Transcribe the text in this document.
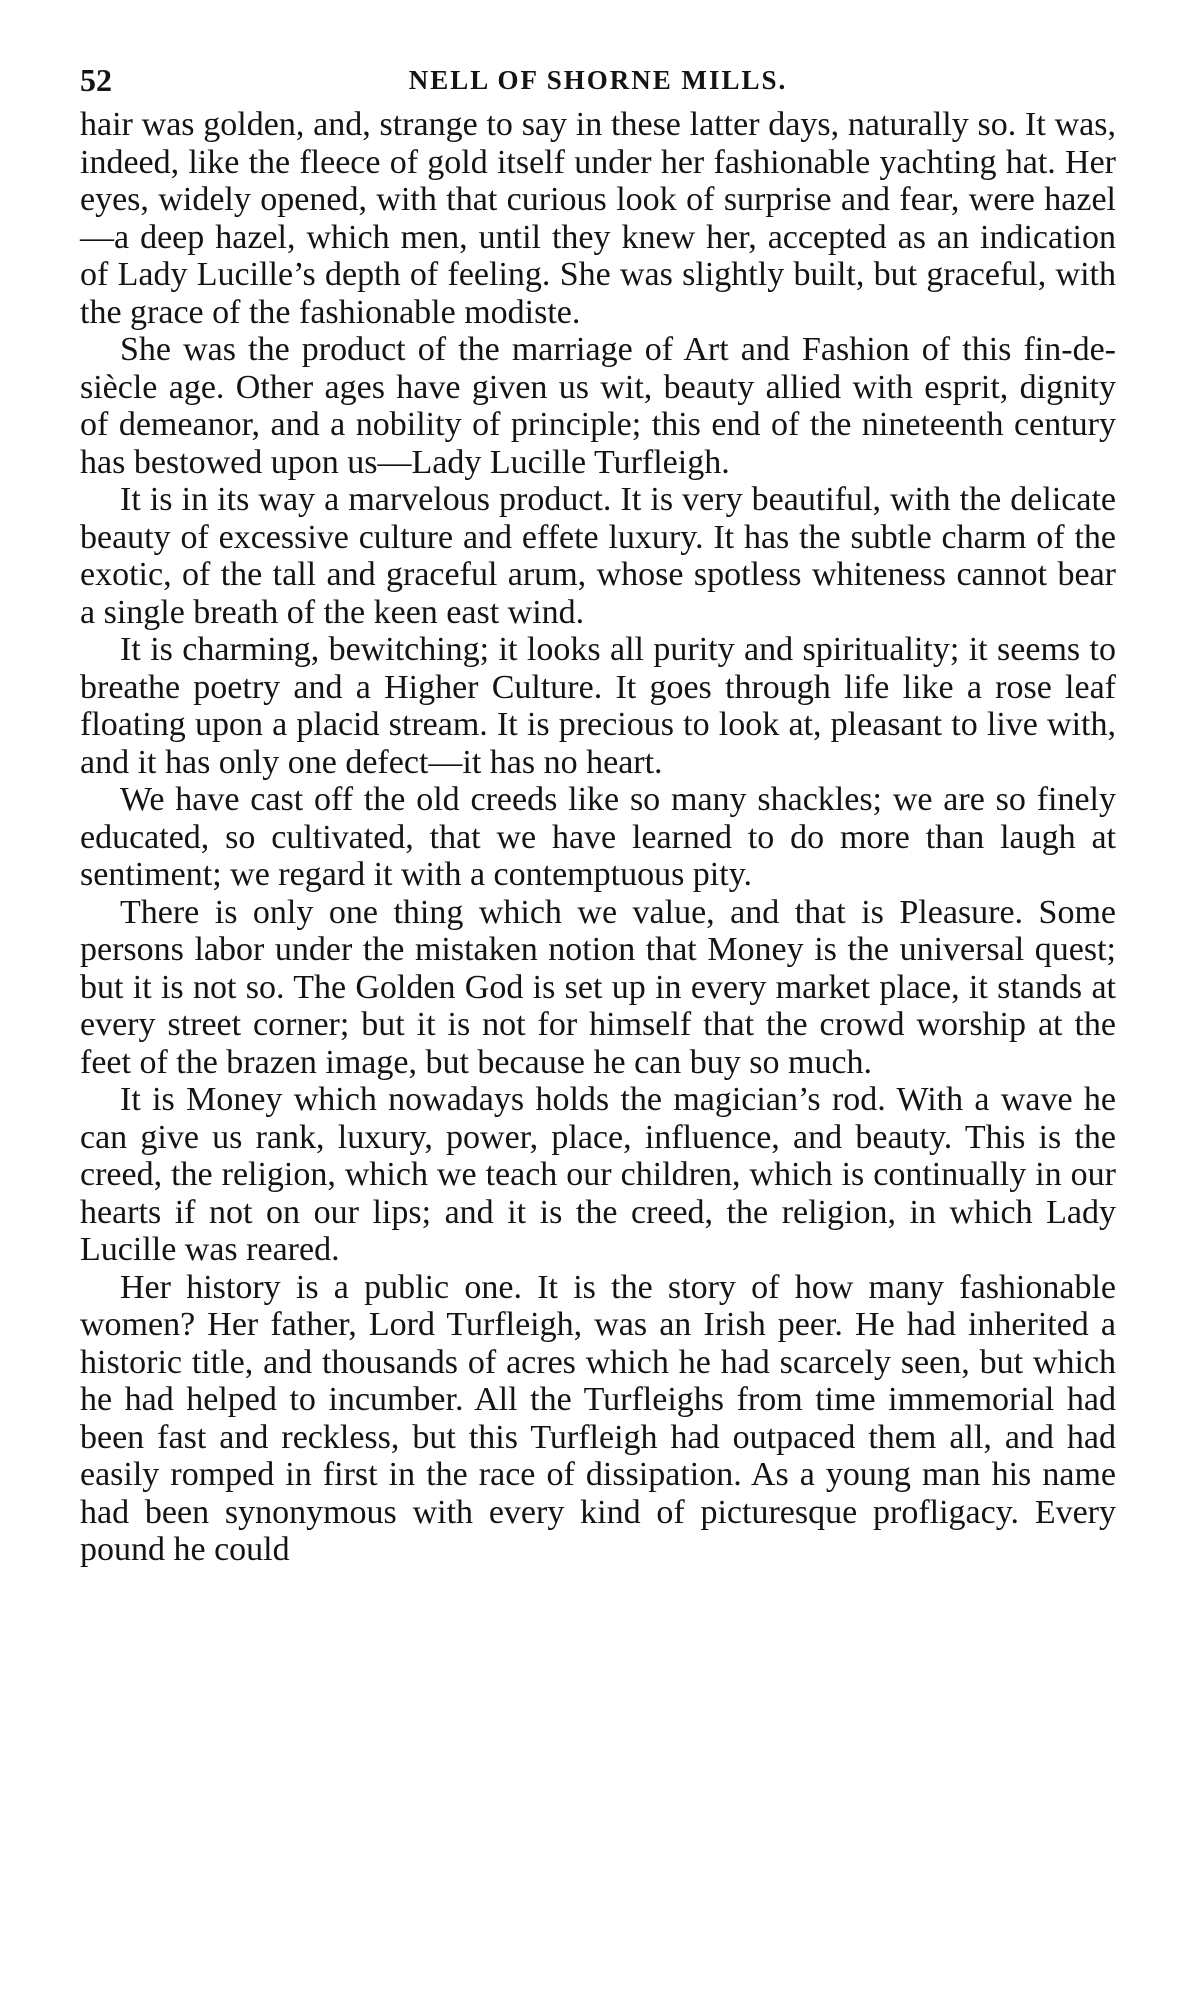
52	NELL OF SHORNE MILLS.

hair was golden, and, strange to say in these latter days, naturally so. It was, indeed, like the fleece of gold itself under her fashionable yachting hat. Her eyes, widely opened, with that curious look of surprise and fear, were hazel—a deep hazel, which men, until they knew her, accepted as an indication of Lady Lucille’s depth of feeling. She was slightly built, but graceful, with the grace of the fashionable modiste.

She was the product of the marriage of Art and Fashion of this fin-de-siècle age. Other ages have given us wit, beauty allied with esprit, dignity of demeanor, and a nobility of principle; this end of the nineteenth century has bestowed upon us—Lady Lucille Turfleigh.

It is in its way a marvelous product. It is very beautiful, with the delicate beauty of excessive culture and effete luxury. It has the subtle charm of the exotic, of the tall and graceful arum, whose spotless whiteness cannot bear a single breath of the keen east wind.

It is charming, bewitching; it looks all purity and spirituality; it seems to breathe poetry and a Higher Culture. It goes through life like a rose leaf floating upon a placid stream. It is precious to look at, pleasant to live with, and it has only one defect—it has no heart.

We have cast off the old creeds like so many shackles; we are so finely educated, so cultivated, that we have learned to do more than laugh at sentiment; we regard it with a contemptuous pity.

There is only one thing which we value, and that is Pleasure. Some persons labor under the mistaken notion that Money is the universal quest; but it is not so. The Golden God is set up in every market place, it stands at every street corner; but it is not for himself that the crowd worship at the feet of the brazen image, but because he can buy so much.

It is Money which nowadays holds the magician’s rod. With a wave he can give us rank, luxury, power, place, influence, and beauty. This is the creed, the religion, which we teach our children, which is continually in our hearts if not on our lips; and it is the creed, the religion, in which Lady Lucille was reared.

Her history is a public one. It is the story of how many fashionable women? Her father, Lord Turfleigh, was an Irish peer. He had inherited a historic title, and thousands of acres which he had scarcely seen, but which he had helped to incumber. All the Turfleighs from time immemorial had been fast and reckless, but this Turfleigh had outpaced them all, and had easily romped in first in the race of dissipation. As a young man his name had been synonymous with every kind of picturesque profligacy. Every pound he could
